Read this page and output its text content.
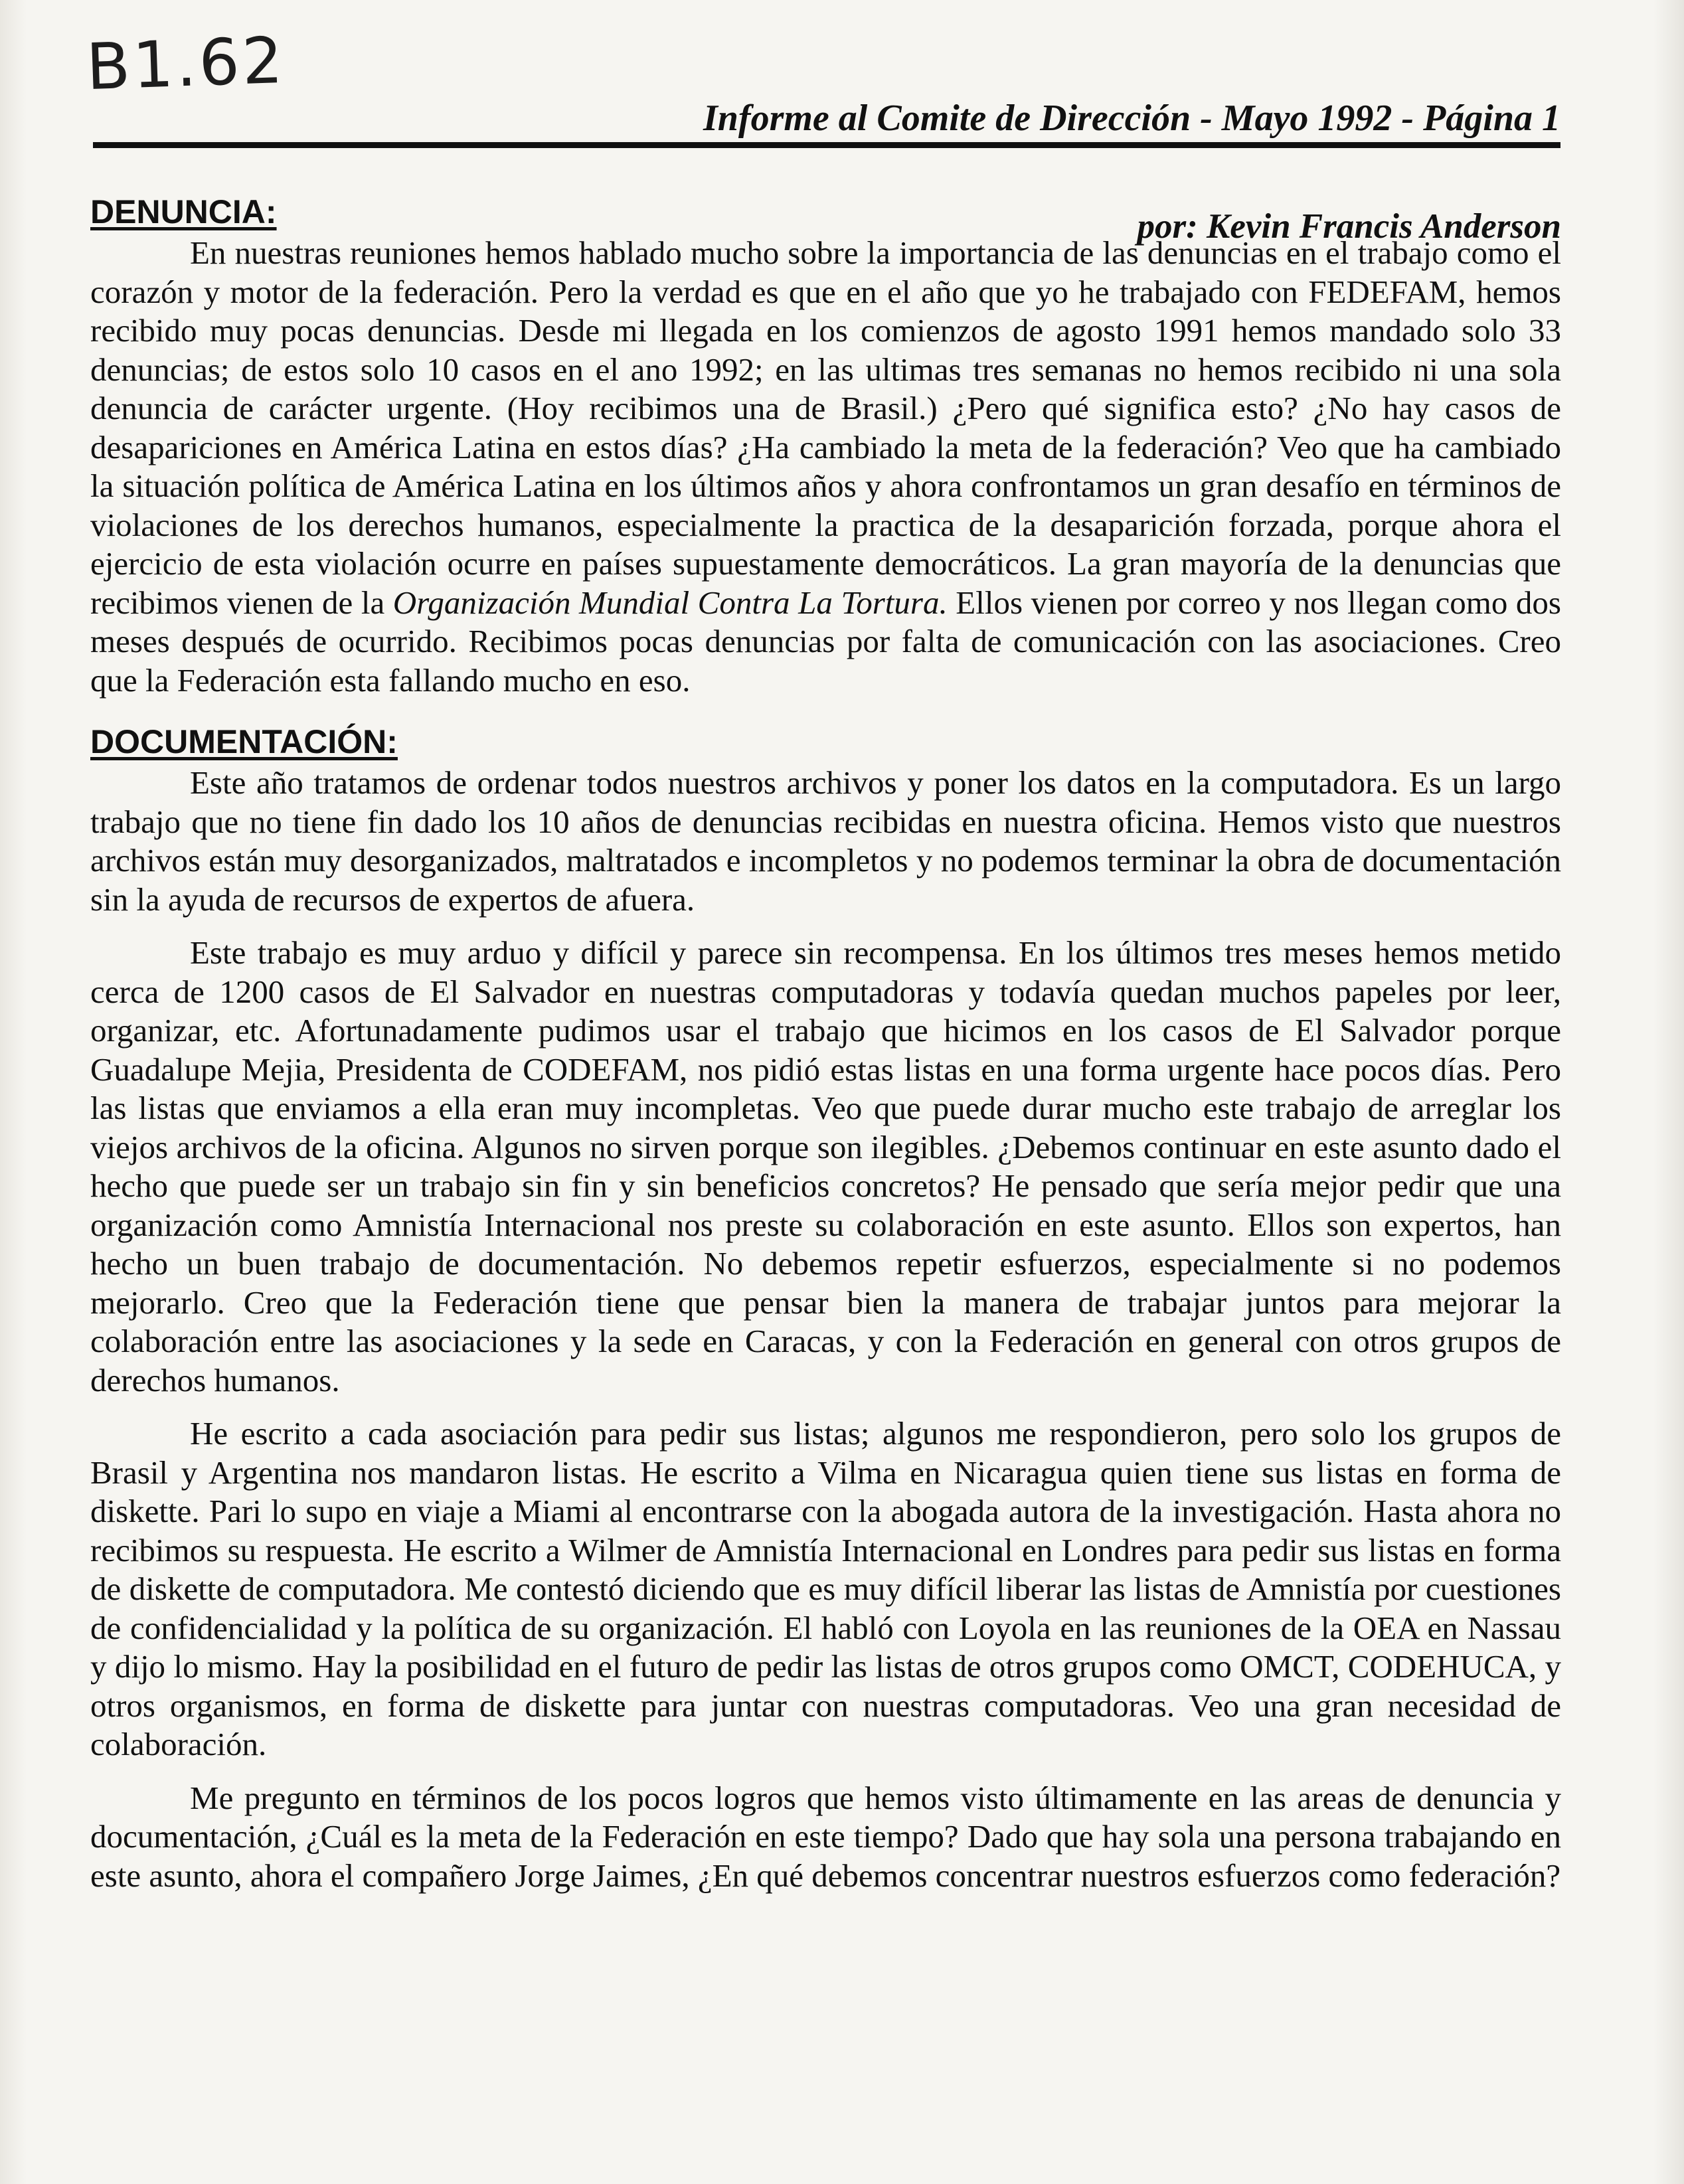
B1.62
Informe al Comite de Dirección - Mayo 1992 - Página 1
DENUNCIA:	por: Kevin Francis Anderson

En nuestras reuniones hemos hablado mucho sobre la importancia de las denuncias en el trabajo como el corazón y motor de la federación. Pero la verdad es que en el año que yo he trabajado con FEDEFAM, hemos recibido muy pocas denuncias. Desde mi llegada en los comienzos de agosto 1991 hemos mandado solo 33 denuncias; de estos solo 10 casos en el ano 1992; en las ultimas tres semanas no hemos recibido ni una sola denuncia de carácter urgente. (Hoy recibimos una de Brasil.) ¿Pero qué significa esto? ¿No hay casos de desapariciones en América Latina en estos días? ¿Ha cambiado la meta de la federación? Veo que ha cambiado la situación política de América Latina en los últimos años y ahora confrontamos un gran desafío en términos de violaciones de los derechos humanos, especialmente la practica de la desaparición forzada, porque ahora el ejercicio de esta violación ocurre en países supuestamente democráticos. La gran mayoría de la denuncias que recibimos vienen de la Organización Mundial Contra La Tortura. Ellos vienen por correo y nos llegan como dos meses después de ocurrido. Recibimos pocas denuncias por falta de comunicación con las asociaciones. Creo que la Federación esta fallando mucho en eso.

DOCUMENTACIÓN:

Este año tratamos de ordenar todos nuestros archivos y poner los datos en la computadora. Es un largo trabajo que no tiene fin dado los 10 años de denuncias recibidas en nuestra oficina. Hemos visto que nuestros archivos están muy desorganizados, maltratados e incompletos y no podemos terminar la obra de documentación sin la ayuda de recursos de expertos de afuera.

Este trabajo es muy arduo y difícil y parece sin recompensa. En los últimos tres meses hemos metido cerca de 1200 casos de El Salvador en nuestras computadoras y todavía quedan muchos papeles por leer, organizar, etc. Afortunadamente pudimos usar el trabajo que hicimos en los casos de El Salvador porque Guadalupe Mejia, Presidenta de CODEFAM, nos pidió estas listas en una forma urgente hace pocos días. Pero las listas que enviamos a ella eran muy incompletas. Veo que puede durar mucho este trabajo de arreglar los viejos archivos de la oficina. Algunos no sirven porque son ilegibles. ¿Debemos continuar en este asunto dado el hecho que puede ser un trabajo sin fin y sin beneficios concretos? He pensado que sería mejor pedir que una organización como Amnistía Internacional nos preste su colaboración en este asunto. Ellos son expertos, han hecho un buen trabajo de documentación. No debemos repetir esfuerzos, especialmente si no podemos mejorarlo. Creo que la Federación tiene que pensar bien la manera de trabajar juntos para mejorar la colaboración entre las asociaciones y la sede en Caracas, y con la Federación en general con otros grupos de derechos humanos.

He escrito a cada asociación para pedir sus listas; algunos me respondieron, pero solo los grupos de Brasil y Argentina nos mandaron listas. He escrito a Vilma en Nicaragua quien tiene sus listas en forma de diskette. Pari lo supo en viaje a Miami al encontrarse con la abogada autora de la investigación. Hasta ahora no recibimos su respuesta. He escrito a Wilmer de Amnistía Internacional en Londres para pedir sus listas en forma de diskette de computadora. Me contestó diciendo que es muy difícil liberar las listas de Amnistía por cuestiones de confidencialidad y la política de su organización. El habló con Loyola en las reuniones de la OEA en Nassau y dijo lo mismo. Hay la posibilidad en el futuro de pedir las listas de otros grupos como OMCT, CODEHUCA, y otros organismos, en forma de diskette para juntar con nuestras computadoras. Veo una gran necesidad de colaboración.

Me pregunto en términos de los pocos logros que hemos visto últimamente en las areas de denuncia y documentación, ¿Cuál es la meta de la Federación en este tiempo? Dado que hay sola una persona trabajando en este asunto, ahora el compañero Jorge Jaimes, ¿En qué debemos concentrar nuestros esfuerzos como federación?
